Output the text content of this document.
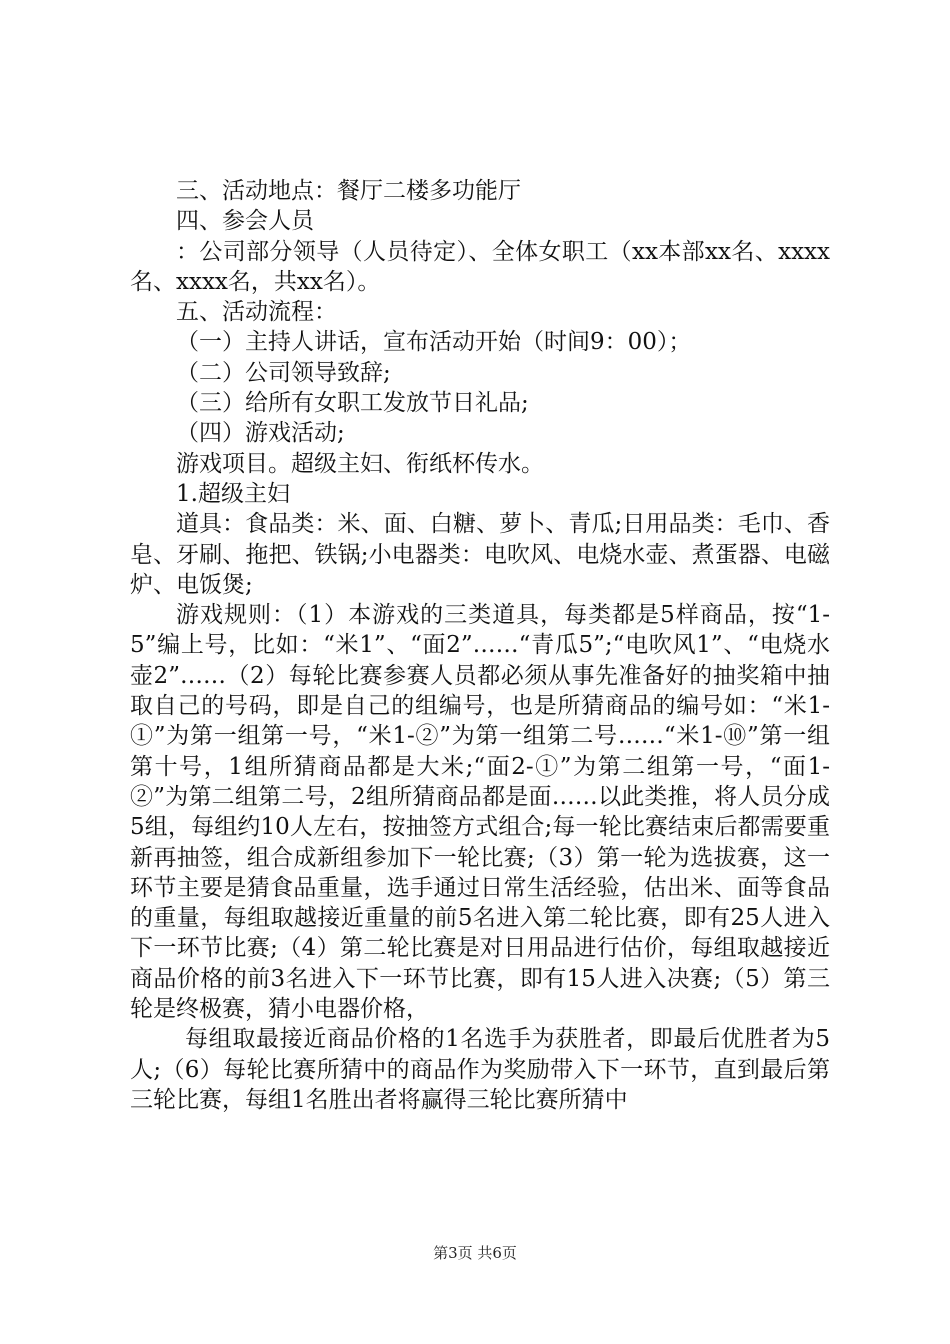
三、活动地点：餐厅二楼多功能厅

四、参会人员

：公司部分领导（人员待定）、全体女职工（xx本部xx名、xxxx名、xxxx名，共xx名）。

五、活动流程：

（一）主持人讲话，宣布活动开始（时间9：00）；

（二）公司领导致辞;

（三）给所有女职工发放节日礼品;

（四）游戏活动;

游戏项目。超级主妇、衔纸杯传水。

1.超级主妇

道具：食品类：米、面、白糖、萝卜、青瓜;日用品类：毛巾、香皂、牙刷、拖把、铁锅;小电器类：电吹风、电烧水壶、煮蛋器、电磁炉、电饭煲;

游戏规则：（1）本游戏的三类道具，每类都是5样商品，按“1-5”编上号，比如：“米1”、“面2”……“青瓜5”;“电吹风1”、“电烧水壶2”……（2）每轮比赛参赛人员都必须从事先准备好的抽奖箱中抽取自己的号码，即是自己的组编号，也是所猜商品的编号如：“米1-①”为第一组第一号，“米1-②”为第一组第二号……“米1-⑩”第一组第十号，1组所猜商品都是大米;“面2-①”为第二组第一号，“面1-②”为第二组第二号，2组所猜商品都是面……以此类推，将人员分成5组，每组约10人左右，按抽签方式组合;每一轮比赛结束后都需要重新再抽签，组合成新组参加下一轮比赛;（3）第一轮为选拔赛，这一环节主要是猜食品重量，选手通过日常生活经验，估出米、面等食品的重量，每组取越接近重量的前5名进入第二轮比赛，即有25人进入下一环节比赛;（4）第二轮比赛是对日用品进行估价，每组取越接近商品价格的前3名进入下一环节比赛，即有15人进入决赛;（5）第三轮是终极赛，猜小电器价格，

每组取最接近商品价格的1名选手为获胜者，即最后优胜者为5人;（6）每轮比赛所猜中的商品作为奖励带入下一环节，直到最后第三轮比赛，每组1名胜出者将赢得三轮比赛所猜中

第3页 共6页
